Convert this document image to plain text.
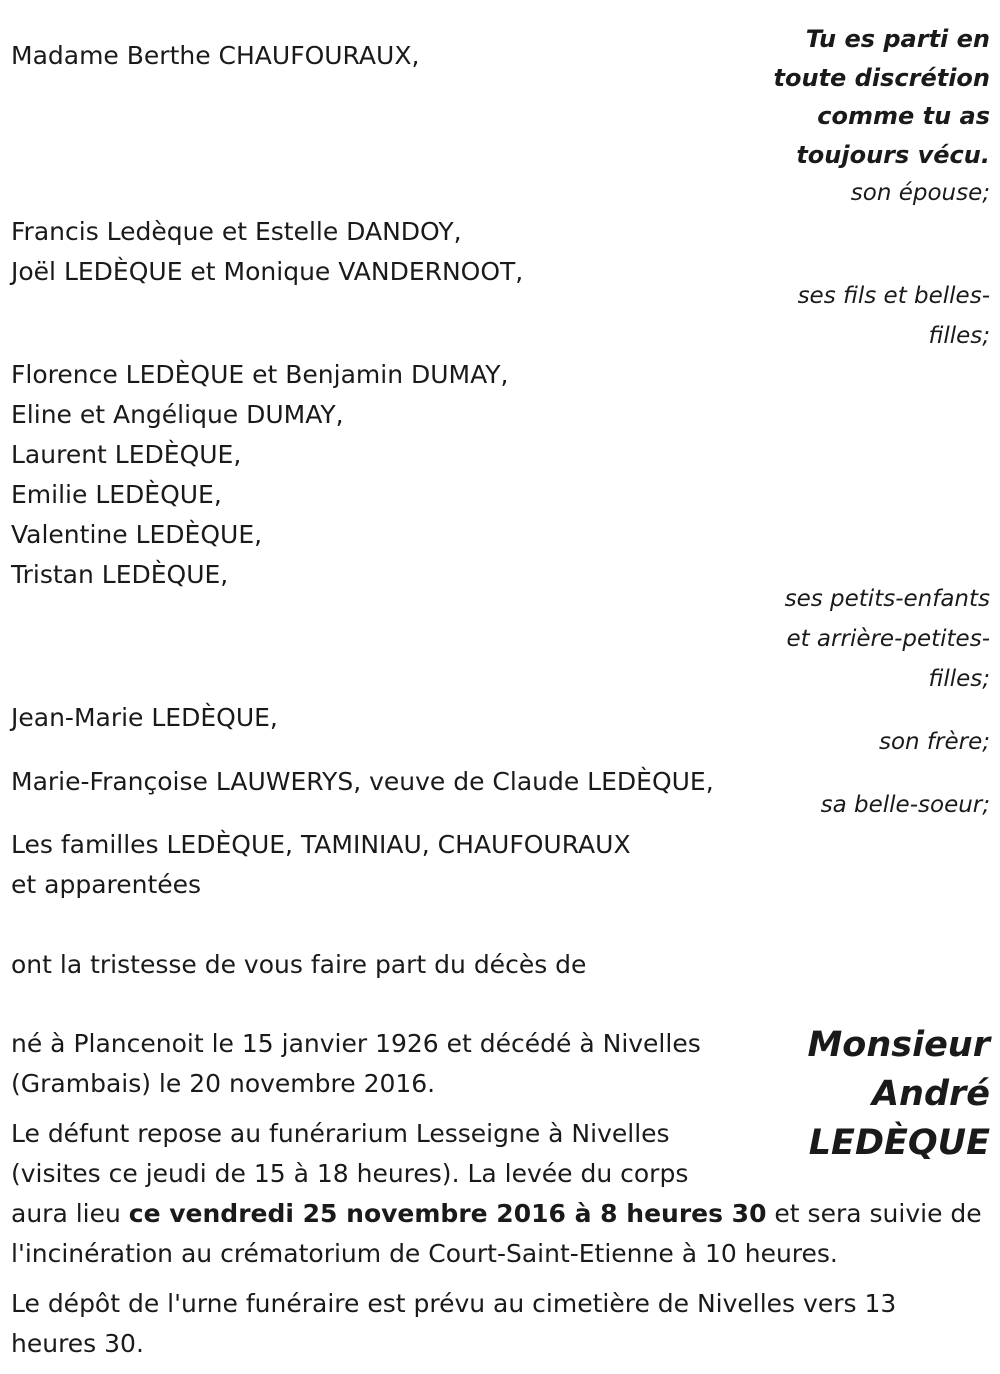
Tu es parti en
toute discrétion
comme tu as
toujours vécu.
Madame Berthe CHAUFOURAUX,
son épouse;
Francis Ledèque et Estelle DANDOY,
Joël LEDÈQUE et Monique VANDERNOOT,
ses fils et belles-
filles;
Florence LEDÈQUE et Benjamin DUMAY,
Eline et Angélique DUMAY,
Laurent LEDÈQUE,
Emilie LEDÈQUE,
Valentine LEDÈQUE,
Tristan LEDÈQUE,
ses petits-enfants
et arrière-petites-
filles;
Jean-Marie LEDÈQUE,
son frère;
Marie-Françoise LAUWERYS, veuve de Claude LEDÈQUE,
sa belle-soeur;
Les familles LEDÈQUE, TAMINIAU, CHAUFOURAUX
et apparentées
ont la tristesse de vous faire part du décès de
Monsieur
André
LEDÈQUE
né à Plancenoit le 15 janvier 1926 et décédé à Nivelles
(Grambais) le 20 novembre 2016.
Le défunt repose au funérarium Lesseigne à Nivelles
(visites ce jeudi de 15 à 18 heures). La levée du corps
aura lieu ce vendredi 25 novembre 2016 à 8 heures 30 et sera suivie de
l'incinération au crématorium de Court-Saint-Etienne à 10 heures.
Le dépôt de l'urne funéraire est prévu au cimetière de Nivelles vers 13
heures 30.
